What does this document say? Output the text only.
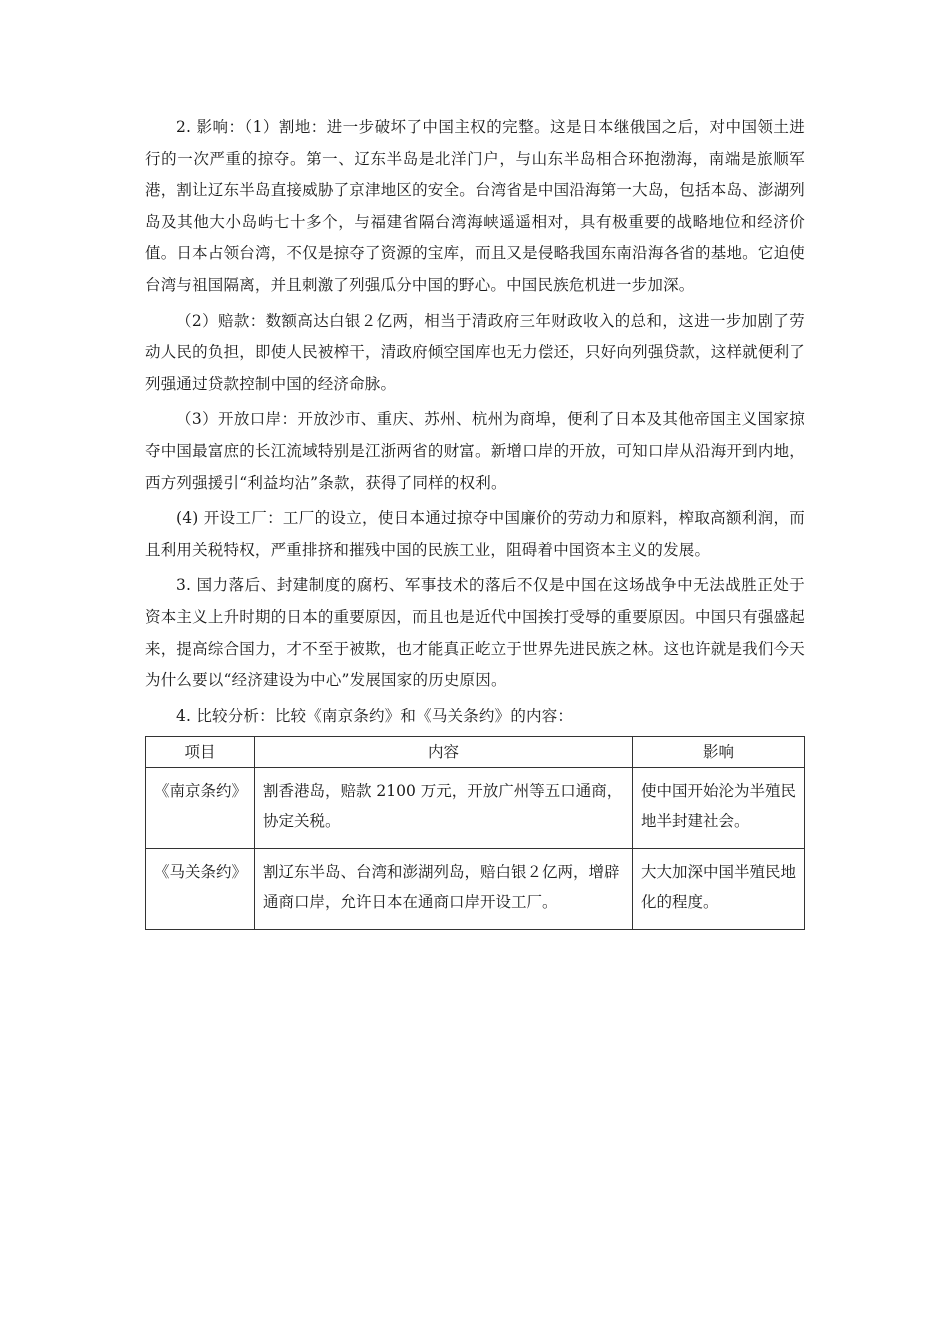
2. 影响：（1）割地：进一步破坏了中国主权的完整。这是日本继俄国之后，对中国领土进行的一次严重的掠夺。第一、辽东半岛是北洋门户，与山东半岛相合环抱渤海，南端是旅顺军港，割让辽东半岛直接威胁了京津地区的安全。台湾省是中国沿海第一大岛，包括本岛、澎湖列岛及其他大小岛屿七十多个，与福建省隔台湾海峡遥遥相对，具有极重要的战略地位和经济价值。日本占领台湾，不仅是掠夺了资源的宝库，而且又是侵略我国东南沿海各省的基地。它迫使台湾与祖国隔离，并且刺激了列强瓜分中国的野心。中国民族危机进一步加深。

（2）赔款：数额高达白银２亿两，相当于清政府三年财政收入的总和，这进一步加剧了劳动人民的负担，即使人民被榨干，清政府倾空国库也无力偿还，只好向列强贷款，这样就便利了列强通过贷款控制中国的经济命脉。

（3）开放口岸：开放沙市、重庆、苏州、杭州为商埠，便利了日本及其他帝国主义国家掠夺中国最富庶的长江流域特别是江浙两省的财富。新增口岸的开放，可知口岸从沿海开到内地，西方列强援引“利益均沾”条款，获得了同样的权利。

(4) 开设工厂：工厂的设立，使日本通过掠夺中国廉价的劳动力和原料，榨取高额利润，而且利用关税特权，严重排挤和摧残中国的民族工业，阻碍着中国资本主义的发展。

3. 国力落后、封建制度的腐朽、军事技术的落后不仅是中国在这场战争中无法战胜正处于资本主义上升时期的日本的重要原因，而且也是近代中国挨打受辱的重要原因。中国只有强盛起来，提高综合国力，才不至于被欺，也才能真正屹立于世界先进民族之林。这也许就是我们今天为什么要以“经济建设为中心”发展国家的历史原因。

4. 比较分析：比较《南京条约》和《马关条约》的内容：

项目	内容	影响
《南京条约》	割香港岛，赔款 2100 万元，开放广州等五口通商，协定关税。	使中国开始沦为半殖民地半封建社会。
《马关条约》	割辽东半岛、台湾和澎湖列岛，赔白银２亿两，增辟通商口岸，允许日本在通商口岸开设工厂。	大大加深中国半殖民地化的程度。
